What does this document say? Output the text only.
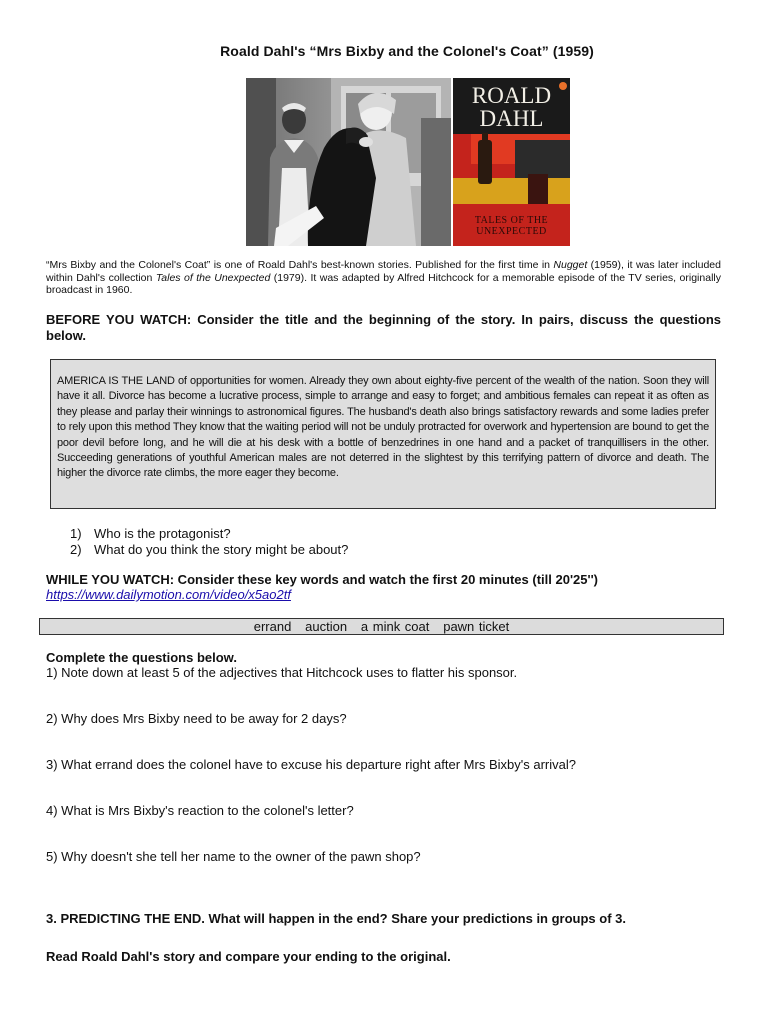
Roald Dahl's “Mrs Bixby and the Colonel's Coat” (1959)
ROALD
DAHL
TALES OF THE
UNEXPECTED
“Mrs Bixby and the Colonel's Coat” is one of Roald Dahl's best-known stories. Published for the first time in Nugget (1959), it was later included within Dahl's collection Tales of the Unexpected (1979). It was adapted by Alfred Hitchcock for a memorable episode of the TV series, originally broadcast in 1960.
BEFORE YOU WATCH: Consider the title and the beginning of the story. In pairs, discuss the questions below.
AMERICA IS THE LAND of opportunities for women. Already they own about eighty-five percent of the wealth of the nation. Soon they will have it all. Divorce has become a lucrative process, simple to arrange and easy to forget; and ambitious females can repeat it as often as they please and parlay their winnings to astronomical figures. The husband's death also brings satisfactory rewards and some ladies prefer to rely upon this method They know that the waiting period will not be unduly protracted for overwork and hypertension are bound to get the poor devil before long, and he will die at his desk with a bottle of benzedrines in one hand and a packet of tranquillisers in the other. Succeeding generations of youthful American males are not deterred in the slightest by this terrifying pattern of divorce and death. The higher the divorce rate climbs, the more eager they become.
1) Who is the protagonist?
2) What do you think the story might be about?
WHILE YOU WATCH: Consider these key words and watch the first 20 minutes (till 20'25'')
https://www.dailymotion.com/video/x5ao2tf
errand   auction   a mink coat   pawn ticket
Complete the questions below.
1) Note down at least 5 of the adjectives that Hitchcock uses to flatter his sponsor.
2) Why does Mrs Bixby need to be away for 2 days?
3) What errand does the colonel have to excuse his departure right after Mrs Bixby's arrival?
4) What is Mrs Bixby's reaction to the colonel's letter?
5) Why doesn't she tell her name to the owner of the pawn shop?
3. PREDICTING THE END. What will happen in the end? Share your predictions in groups of 3.
Read Roald Dahl's story and compare your ending to the original.
